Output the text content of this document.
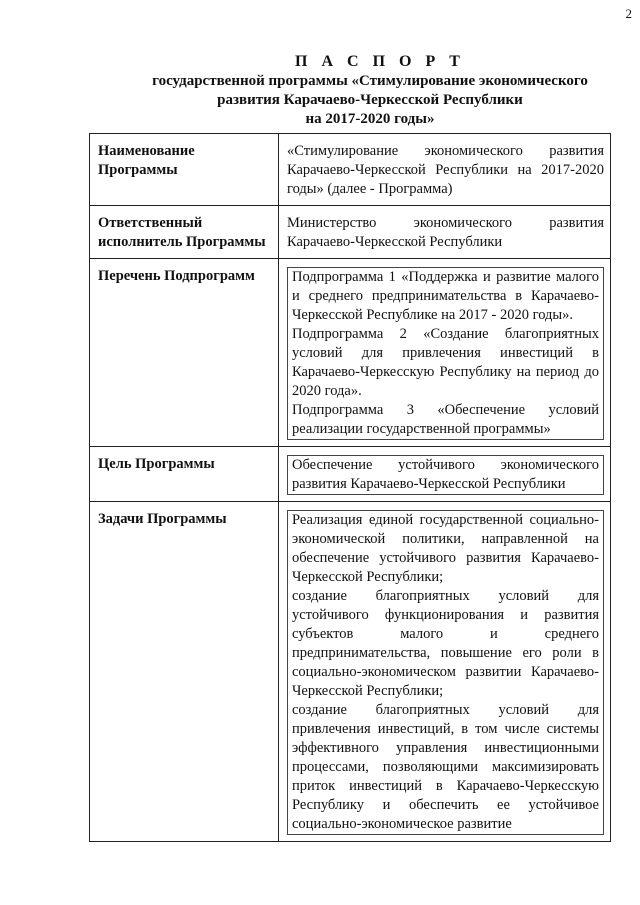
2
П А С П О Р Т
государственной программы «Стимулирование экономического
развития Карачаево-Черкесской Республики
на 2017-2020 годы»
Наименование Программы	«Стимулирование экономического развития Карачаево-Черкесской Республики на 2017-2020 годы» (далее - Программа)

Ответственный исполнитель Программы	Министерство экономического развития Карачаево-Черкесской Республики

Перечень Подпрограмм	Подпрограмма 1 «Поддержка и развитие малого и среднего предпринимательства в Карачаево-Черкесской Республике на 2017 - 2020 годы».

Подпрограмма 2 «Создание благоприятных условий для привлечения инвестиций в Карачаево-Черкесскую Республику на период до 2020 года».

Подпрограмма 3 «Обеспечение условий реализации государственной программы»

Цель Программы	Обеспечение устойчивого экономического развития Карачаево-Черкесской Республики

Задачи Программы	Реализация единой государственной социально-экономической политики, направленной на обеспечение устойчивого развития Карачаево-Черкесской Республики;

создание благоприятных условий для устойчивого функционирования и развития субъектов малого и среднего предпринимательства, повышение его роли в социально-экономическом развитии Карачаево-Черкесской Республики;

создание благоприятных условий для привлечения инвестиций, в том числе системы эффективного управления инвестиционными процессами, позволяющими максимизировать приток инвестиций в Карачаево-Черкесскую Республику и обеспечить ее устойчивое социально-экономическое развитие
